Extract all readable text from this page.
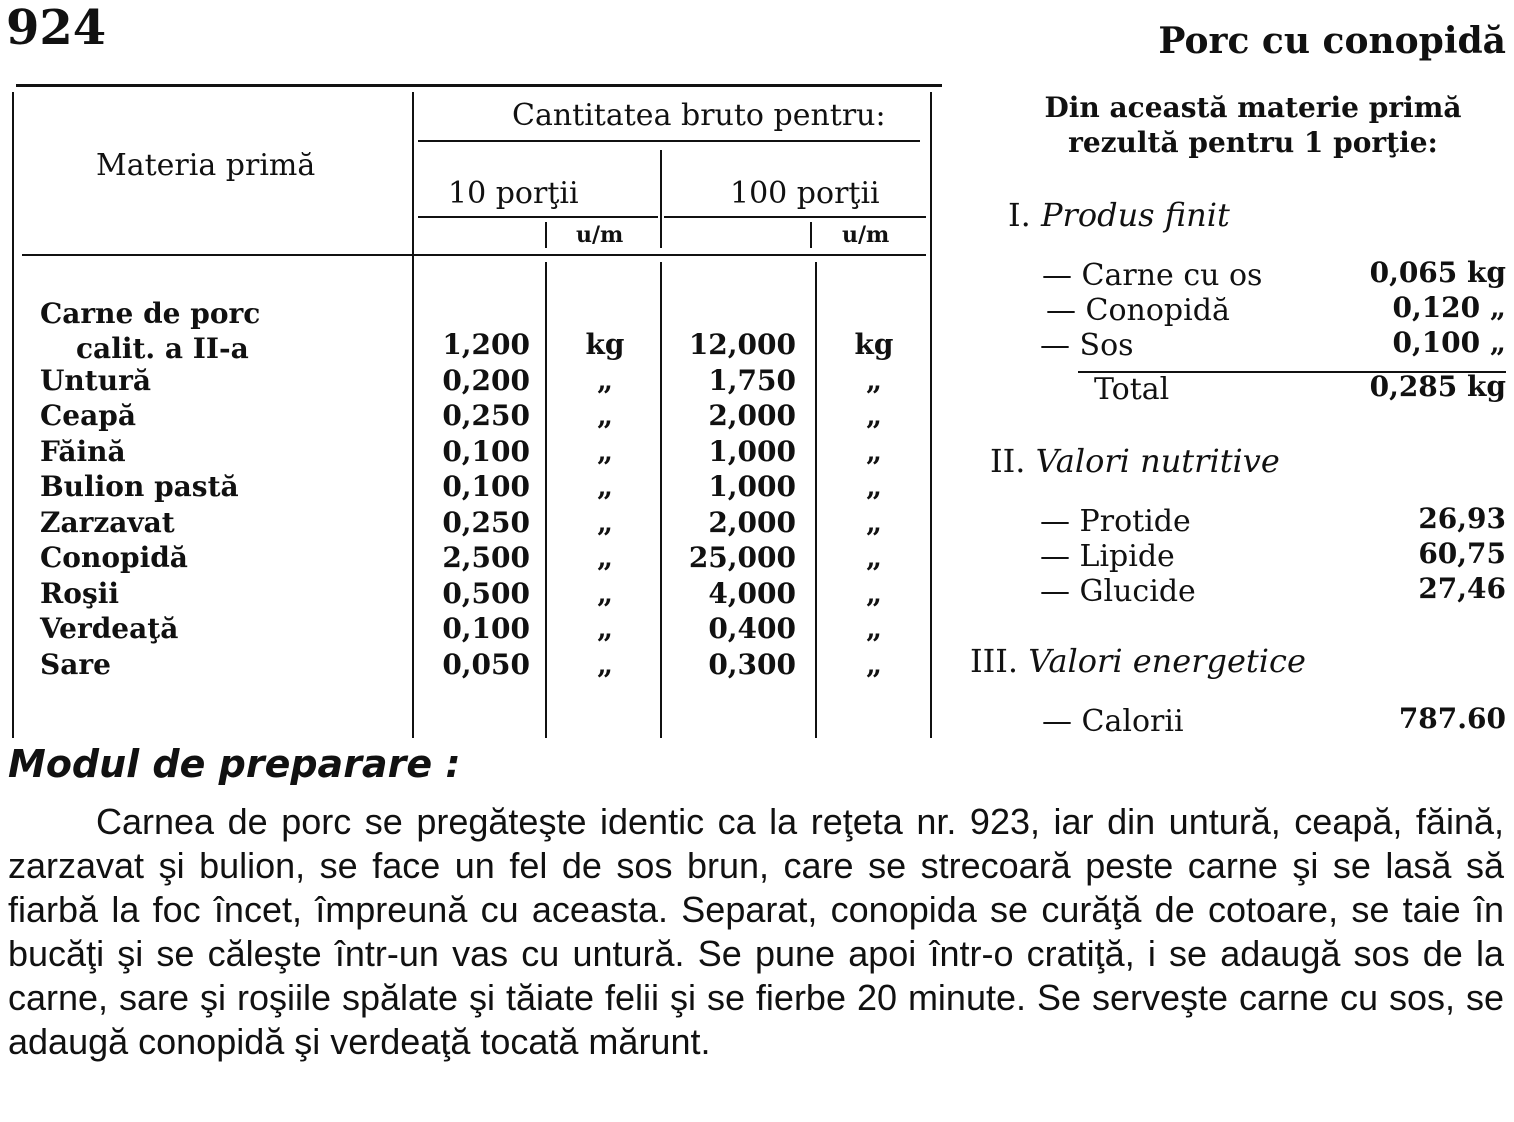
924	Porc cu conopidă
Materia primă
Cantitatea bruto pentru:
10 porţii	100 porţii
u/m	u/m
Carne de porc
calit. a II-a	1,200	kg	12,000	kg
Untură	0,200	„	1,750	„
Ceapă	0,250	„	2,000	„
Făină	0,100	„	1,000	„
Bulion pastă	0,100	„	1,000	„
Zarzavat	0,250	„	2,000	„
Conopidă	2,500	„	25,000	„
Roşii	0,500	„	4,000	„
Verdeaţă	0,100	„	0,400	„
Sare	0,050	„	0,300	„
Din această materie primă
rezultă pentru 1 porţie:
I. Produs finit
— Carne cu os	0,065 kg
— Conopidă	0,120 „
— Sos	0,100 „
Total	0,285 kg
II. Valori nutritive
— Protide	26,93
— Lipide	60,75
— Glucide	27,46
III. Valori energetice
— Calorii	787.60
Modul de preparare :
Carnea de porc se pregăteşte identic ca la reţeta nr. 923, iar din untură, ceapă, făină, zarzavat şi bulion, se face un fel de sos brun, care se strecoară peste carne şi se lasă să fiarbă la foc încet, împreună cu aceasta. Separat, conopida se curăţă de cotoare, se taie în bucăţi şi se căleşte într-un vas cu untură. Se pune apoi într-o cratiţă, i se adaugă sos de la carne, sare şi roşiile spălate şi tăiate felii şi se fierbe 20 minute. Se serveşte carne cu sos, se adaugă conopidă şi verdeaţă tocată mărunt.
